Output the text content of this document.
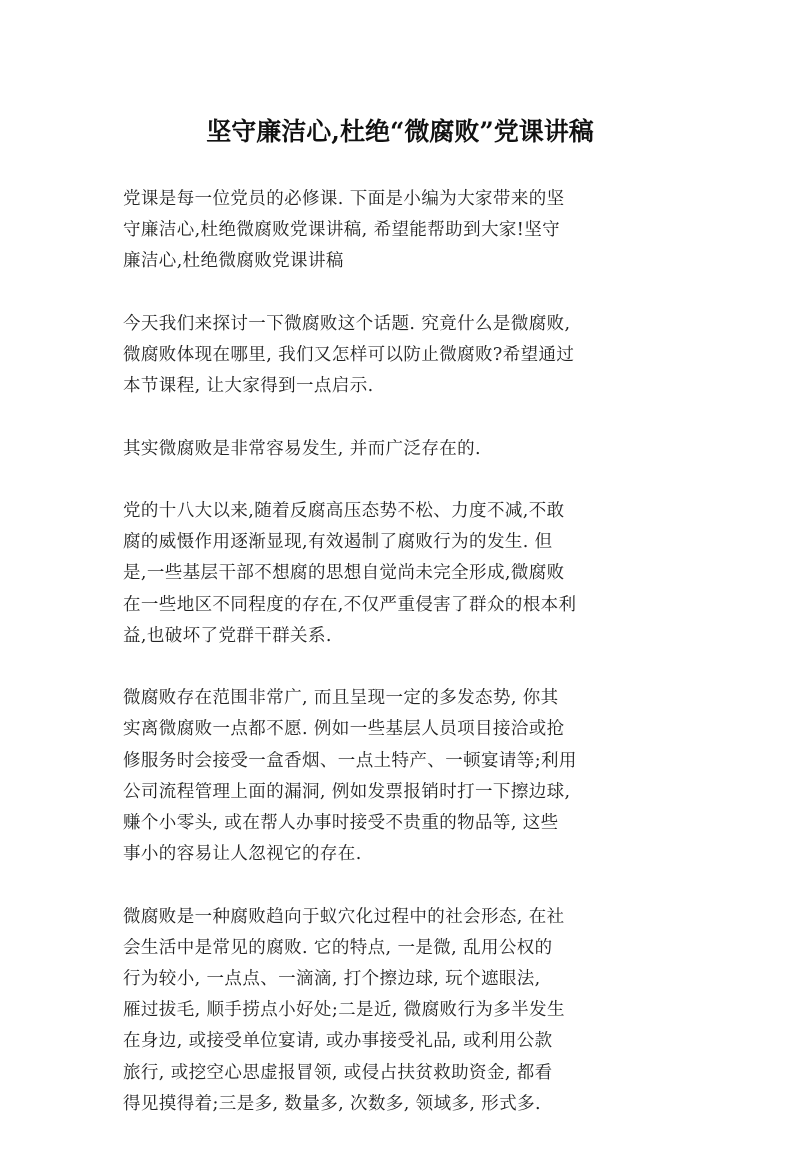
坚守廉洁心,杜绝“微腐败”党课讲稿

党课是每一位党员的必修课. 下面是小编为大家带来的坚
守廉洁心,杜绝微腐败党课讲稿, 希望能帮助到大家!坚守
廉洁心,杜绝微腐败党课讲稿

今天我们来探讨一下微腐败这个话题. 究竟什么是微腐败,
微腐败体现在哪里, 我们又怎样可以防止微腐败?希望通过
本节课程, 让大家得到一点启示.

其实微腐败是非常容易发生, 并而广泛存在的.

党的十八大以来,随着反腐高压态势不松、力度不减,不敢
腐的威慑作用逐渐显现,有效遏制了腐败行为的发生. 但
是,一些基层干部不想腐的思想自觉尚未完全形成,微腐败
在一些地区不同程度的存在,不仅严重侵害了群众的根本利
益,也破坏了党群干群关系.

微腐败存在范围非常广, 而且呈现一定的多发态势, 你其
实离微腐败一点都不愿. 例如一些基层人员项目接洽或抢
修服务时会接受一盒香烟、一点土特产、一顿宴请等;利用
公司流程管理上面的漏洞, 例如发票报销时打一下擦边球,
赚个小零头, 或在帮人办事时接受不贵重的物品等, 这些
事小的容易让人忽视它的存在.

微腐败是一种腐败趋向于蚁穴化过程中的社会形态, 在社
会生活中是常见的腐败. 它的特点, 一是微, 乱用公权的
行为较小, 一点点、一滴滴, 打个擦边球, 玩个遮眼法,
雁过拔毛, 顺手捞点小好处;二是近, 微腐败行为多半发生
在身边, 或接受单位宴请, 或办事接受礼品, 或利用公款
旅行, 或挖空心思虚报冒领, 或侵占扶贫救助资金, 都看
得见摸得着;三是多, 数量多, 次数多, 领域多, 形式多.
